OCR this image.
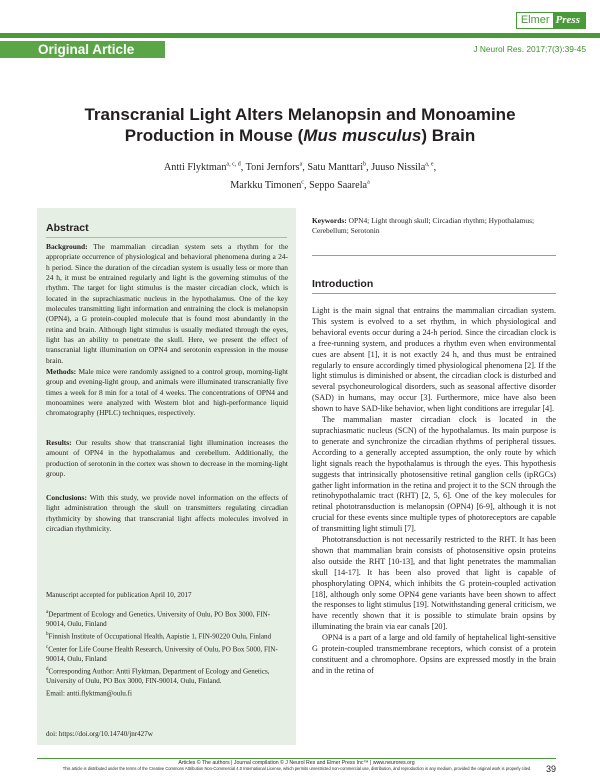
Elmer Press
Original Article	J Neurol Res. 2017;7(3):39-45
Transcranial Light Alters Melanopsin and Monoamine
Production in Mouse (Mus musculus) Brain
Antti Flyktman$^{a, c, d}$, Toni Jernfors$^a$, Satu Manttari$^b$, Juuso Nissila$^{a, e}$,
Markku Timonen$^c$, Seppo Saarela$^a$
Abstract

Background: The mammalian circadian system sets a rhythm for the appropriate occurrence of physiological and behavioral phenomena during a 24-h period. Since the duration of the circadian system is usually less or more than 24 h, it must be entrained regularly and light is the governing stimulus of the rhythm. The target for light stimulus is the master circadian clock, which is located in the suprachiasmatic nucleus in the hypothalamus. One of the key molecules transmitting light information and entraining the clock is melanopsin (OPN4), a G protein-coupled molecule that is found most abundantly in the retina and brain. Although light stimulus is usually mediated through the eyes, light has an ability to penetrate the skull. Here, we present the effect of transcranial light illumination on OPN4 and serotonin expression in the mouse brain.

Methods: Male mice were randomly assigned to a control group, morning-light group and evening-light group, and animals were illuminated transcranially five times a week for 8 min for a total of 4 weeks. The concentrations of OPN4 and monoamines were analyzed with Western blot and high-performance liquid chromatography (HPLC) techniques, respectively.

Results: Our results show that transcranial light illumination increases the amount of OPN4 in the hypothalamus and cerebellum. Additionally, the production of serotonin in the cortex was shown to decrease in the morning-light group.

Conclusions: With this study, we provide novel information on the effects of light administration through the skull on transmitters regulating circadian rhythmicity by showing that transcranial light affects molecules involved in circadian rhythmicity.

Manuscript accepted for publication April 10, 2017

$^a$Department of Ecology and Genetics, University of Oulu, PO Box 3000, FIN-90014, Oulu, Finland

$^b$Finnish Institute of Occupational Health, Aapistie 1, FIN-90220 Oulu, Finland

$^c$Center for Life Course Health Research, University of Oulu, PO Box 5000, FIN-90014, Oulu, Finland

$^d$Corresponding Author: Antti Flyktman, Department of Ecology and Genetics, University of Oulu, PO Box 3000, FIN-90014, Oulu, Finland.

Email: antti.flyktman@oulu.fi

doi: https://doi.org/10.14740/jnr427w

Keywords: OPN4; Light through skull; Circadian rhythm; Hypothalamus; Cerebellum; Serotonin

Introduction

Light is the main signal that entrains the mammalian circadian system. This system is evolved to a set rhythm, in which physiological and behavioral events occur during a 24-h period. Since the circadian clock is a free-running system, and produces a rhythm even when environmental cues are absent [1], it is not exactly 24 h, and thus must be entrained regularly to ensure accordingly timed physiological phenomena [2]. If the light stimulus is diminished or absent, the circadian clock is disturbed and several psychoneurological disorders, such as seasonal affective disorder (SAD) in humans, may occur [3]. Furthermore, mice have also been shown to have SAD-like behavior, when light conditions are irregular [4].

The mammalian master circadian clock is located in the suprachiasmatic nucleus (SCN) of the hypothalamus. Its main purpose is to generate and synchronize the circadian rhythms of peripheral tissues. According to a generally accepted assumption, the only route by which light signals reach the hypothalamus is through the eyes. This hypothesis suggests that intrinsically photosensitive retinal ganglion cells (ipRGCs) gather light information in the retina and project it to the SCN through the retinohypothalamic tract (RHT) [2, 5, 6]. One of the key molecules for retinal phototransduction is melanopsin (OPN4) [6-9], although it is not crucial for these events since multiple types of photoreceptors are capable of transmitting light stimuli [7].

Phototransduction is not necessarily restricted to the RHT. It has been shown that mammalian brain consists of photosensitive opsin proteins also outside the RHT [10-13], and that light penetrates the mammalian skull [14-17]. It has been also proved that light is capable of phosphorylating OPN4, which inhibits the G protein-coupled activation [18], although only some OPN4 gene variants have been shown to affect the responses to light stimulus [19]. Notwithstanding general criticism, we have recently shown that it is possible to stimulate brain opsins by illuminating the brain via ear canals [20].

OPN4 is a part of a large and old family of heptahelical light-sensitive G protein-coupled transmembrane receptors, which consist of a protein constituent and a chromophore. Opsins are expressed mostly in the brain and in the retina of

Articles © The authors | Journal compilation © J Neurol Res and Elmer Press Inc™ | www.neurores.org
This article is distributed under the terms of the Creative Commons Attribution Non-Commercial 4.0 International License, which permits unrestricted non-commercial use, distribution, and reproduction in any medium, provided the original work is properly cited	39
